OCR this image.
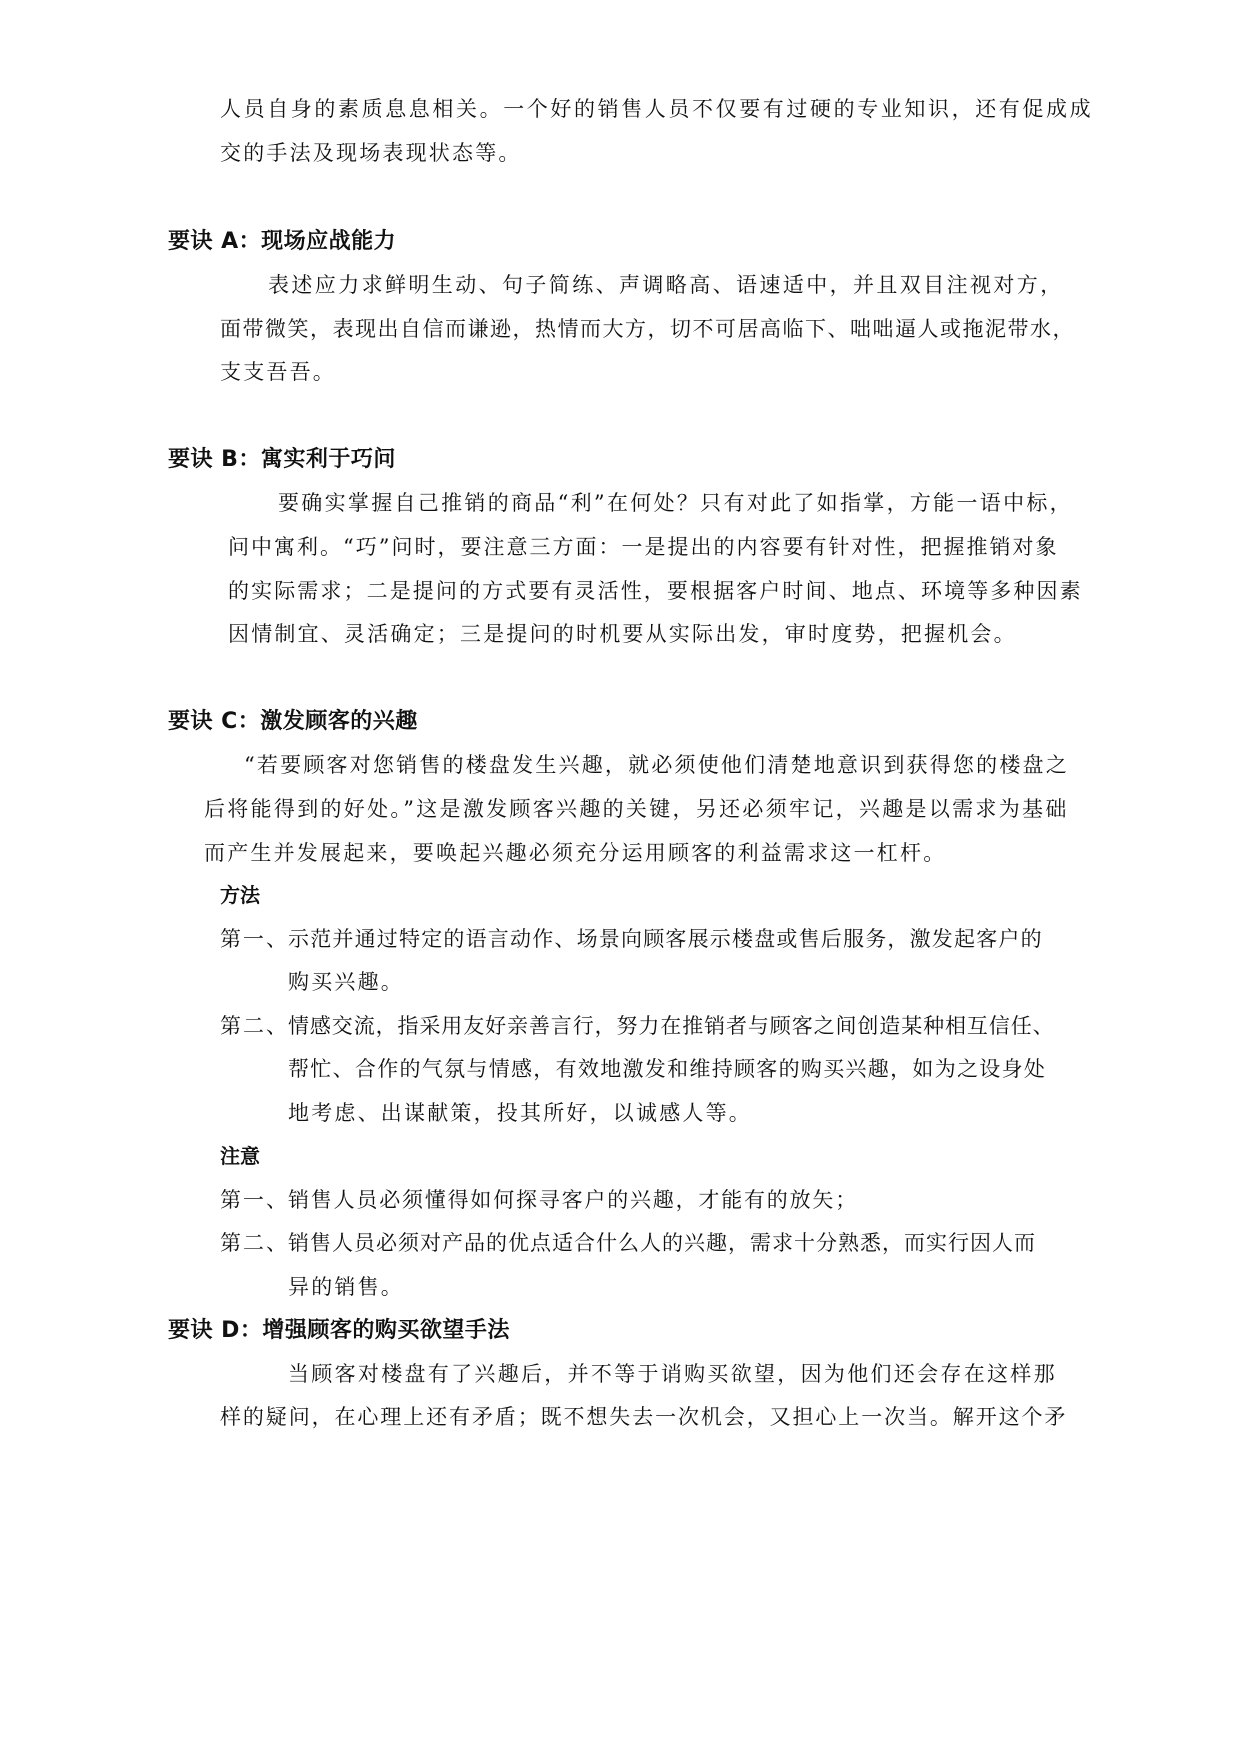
人员自身的素质息息相关。一个好的销售人员不仅要有过硬的专业知识，还有促成成
交的手法及现场表现状态等。
要诀 A：现场应战能力
表述应力求鲜明生动、句子简练、声调略高、语速适中，并且双目注视对方，
面带微笑，表现出自信而谦逊，热情而大方，切不可居高临下、咄咄逼人或拖泥带水，
支支吾吾。
要诀 B：寓实利于巧问
要确实掌握自己推销的商品“利”在何处？只有对此了如指掌，方能一语中标，
问中寓利。“巧”问时，要注意三方面：一是提出的内容要有针对性，把握推销对象
的实际需求；二是提问的方式要有灵活性，要根据客户时间、地点、环境等多种因素
因情制宜、灵活确定；三是提问的时机要从实际出发，审时度势，把握机会。
要诀 C：激发顾客的兴趣
“若要顾客对您销售的楼盘发生兴趣，就必须使他们清楚地意识到获得您的楼盘之
后将能得到的好处。”这是激发顾客兴趣的关键，另还必须牢记，兴趣是以需求为基础
而产生并发展起来，要唤起兴趣必须充分运用顾客的利益需求这一杠杆。
方法
第一、 示范并通过特定的语言动作、场景向顾客展示楼盘或售后服务，激发起客户的
购买兴趣。
第二、 情感交流，指采用友好亲善言行，努力在推销者与顾客之间创造某种相互信任、
帮忙、合作的气氛与情感，有效地激发和维持顾客的购买兴趣，如为之设身处
地考虑、出谋献策，投其所好，以诚感人等。
注意
第一、 销售人员必须懂得如何探寻客户的兴趣，才能有的放矢；
第二、 销售人员必须对产品的优点适合什么人的兴趣，需求十分熟悉，而实行因人而
异的销售。
要诀 D：增强顾客的购买欲望手法
当顾客对楼盘有了兴趣后，并不等于诮购买欲望，因为他们还会存在这样那
样的疑问，在心理上还有矛盾；既不想失去一次机会，又担心上一次当。解开这个矛
